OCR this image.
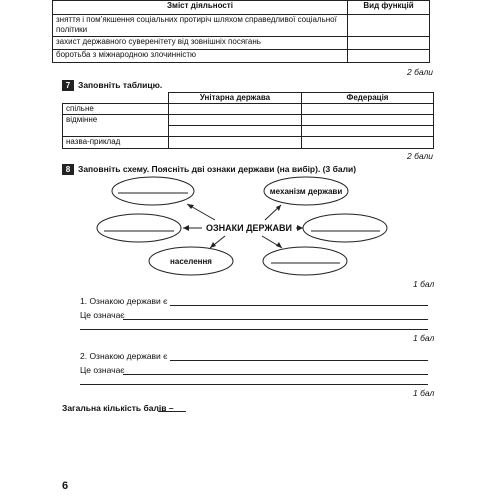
Зміст діяльності	Вид функцій
зняття і пом’якшення соціальних протиріч шляхом справедливої соціальної політики	
захист державного суверенітету від зовнішніх посягань	
боротьба з міжнародною злочинністю	
2 бали
7 Заповніть таблицю.
	Унітарна держава	Федерація
спільне		
відмінне		

назва-приклад		
2 бали
8 Заповніть схему. Поясніть дві ознаки держави (на вибір). (3 бали)
ОЗНАКИ ДЕРЖАВИ
механізм держави
населення
1 бал
1. Ознакою держави є
Це означає
1 бал
2. Ознакою держави є
Це означає
1 бал
Загальна кількість балів –
6
